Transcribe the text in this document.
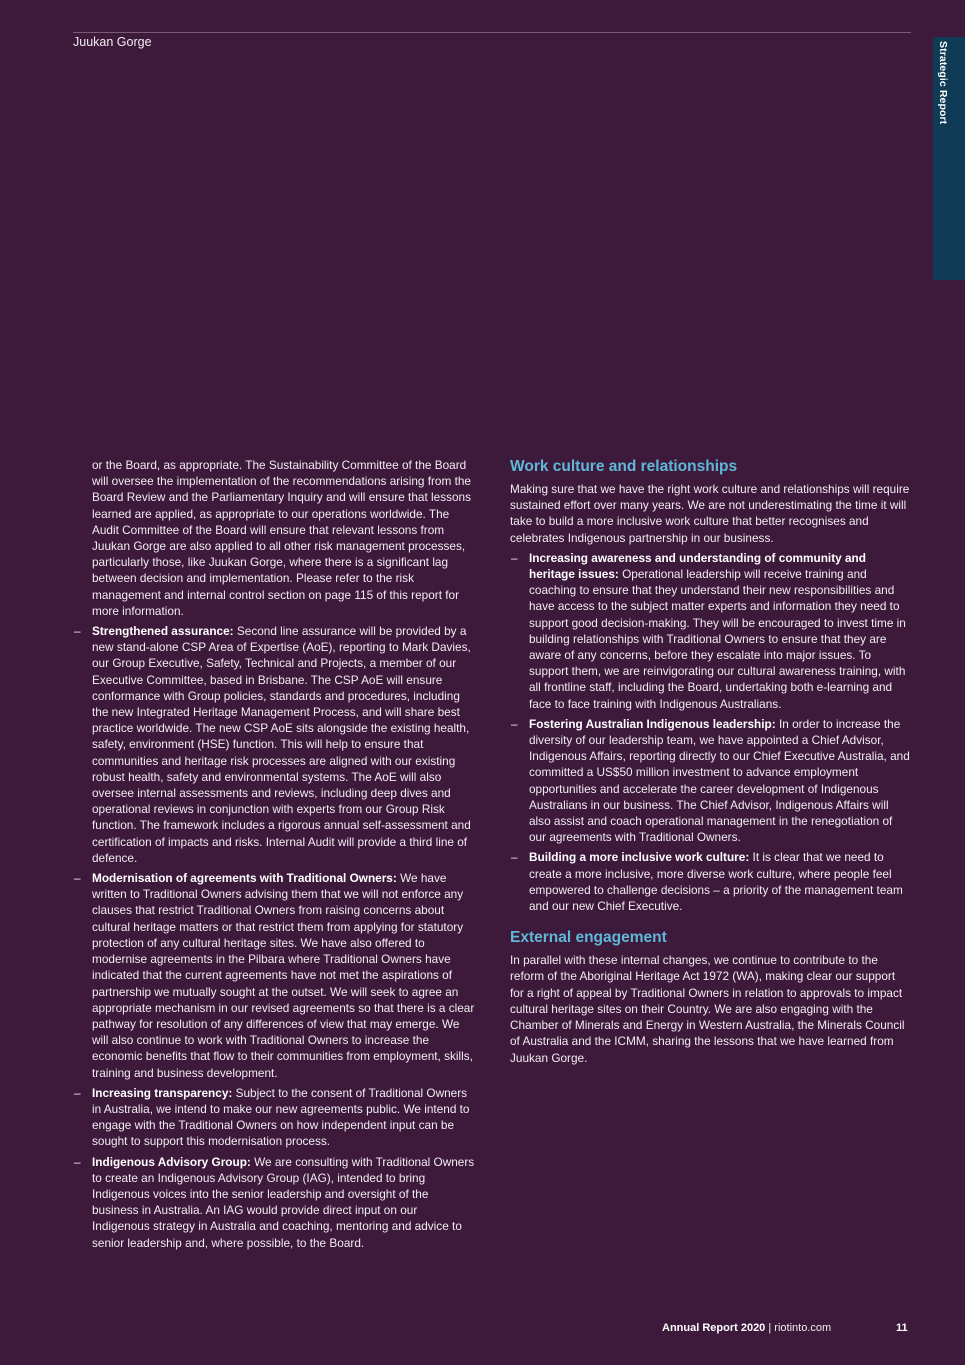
Juukan Gorge	Strategic Report

or the Board, as appropriate. The Sustainability Committee of the Board will oversee the implementation of the recommendations arising from the Board Review and the Parliamentary Inquiry and will ensure that lessons learned are applied, as appropriate to our operations worldwide. The Audit Committee of the Board will ensure that relevant lessons from Juukan Gorge are also applied to all other risk management processes, particularly those, like Juukan Gorge, where there is a significant lag between decision and implementation. Please refer to the risk management and internal control section on page 115 of this report for more information.

– Strengthened assurance: Second line assurance will be provided by a new stand-alone CSP Area of Expertise (AoE), reporting to Mark Davies, our Group Executive, Safety, Technical and Projects, a member of our Executive Committee, based in Brisbane. The CSP AoE will ensure conformance with Group policies, standards and procedures, including the new Integrated Heritage Management Process, and will share best practice worldwide. The new CSP AoE sits alongside the existing health, safety, environment (HSE) function. This will help to ensure that communities and heritage risk processes are aligned with our existing robust health, safety and environmental systems. The AoE will also oversee internal assessments and reviews, including deep dives and operational reviews in conjunction with experts from our Group Risk function. The framework includes a rigorous annual self-assessment and certification of impacts and risks. Internal Audit will provide a third line of defence.
– Modernisation of agreements with Traditional Owners: We have written to Traditional Owners advising them that we will not enforce any clauses that restrict Traditional Owners from raising concerns about cultural heritage matters or that restrict them from applying for statutory protection of any cultural heritage sites. We have also offered to modernise agreements in the Pilbara where Traditional Owners have indicated that the current agreements have not met the aspirations of partnership we mutually sought at the outset. We will seek to agree an appropriate mechanism in our revised agreements so that there is a clear pathway for resolution of any differences of view that may emerge. We will also continue to work with Traditional Owners to increase the economic benefits that flow to their communities from employment, skills, training and business development.
– Increasing transparency: Subject to the consent of Traditional Owners in Australia, we intend to make our new agreements public. We intend to engage with the Traditional Owners on how independent input can be sought to support this modernisation process.
– Indigenous Advisory Group: We are consulting with Traditional Owners to create an Indigenous Advisory Group (IAG), intended to bring Indigenous voices into the senior leadership and oversight of the business in Australia. An IAG would provide direct input on our Indigenous strategy in Australia and coaching, mentoring and advice to senior leadership and, where possible, to the Board.
Work culture and relationships

Making sure that we have the right work culture and relationships will require sustained effort over many years. We are not underestimating the time it will take to build a more inclusive work culture that better recognises and celebrates Indigenous partnership in our business.

– Increasing awareness and understanding of community and heritage issues: Operational leadership will receive training and coaching to ensure that they understand their new responsibilities and have access to the subject matter experts and information they need to support good decision-making. They will be encouraged to invest time in building relationships with Traditional Owners to ensure that they are aware of any concerns, before they escalate into major issues. To support them, we are reinvigorating our cultural awareness training, with all frontline staff, including the Board, undertaking both e-learning and face to face training with Indigenous Australians.
– Fostering Australian Indigenous leadership: In order to increase the diversity of our leadership team, we have appointed a Chief Advisor, Indigenous Affairs, reporting directly to our Chief Executive Australia, and committed a US$50 million investment to advance employment opportunities and accelerate the career development of Indigenous Australians in our business. The Chief Advisor, Indigenous Affairs will also assist and coach operational management in the renegotiation of our agreements with Traditional Owners.
– Building a more inclusive work culture: It is clear that we need to create a more inclusive, more diverse work culture, where people feel empowered to challenge decisions – a priority of the management team and our new Chief Executive.
External engagement

In parallel with these internal changes, we continue to contribute to the reform of the Aboriginal Heritage Act 1972 (WA), making clear our support for a right of appeal by Traditional Owners in relation to approvals to impact cultural heritage sites on their Country. We are also engaging with the Chamber of Minerals and Energy in Western Australia, the Minerals Council of Australia and the ICMM, sharing the lessons that we have learned from Juukan Gorge.

Annual Report 2020 | riotinto.com	11
